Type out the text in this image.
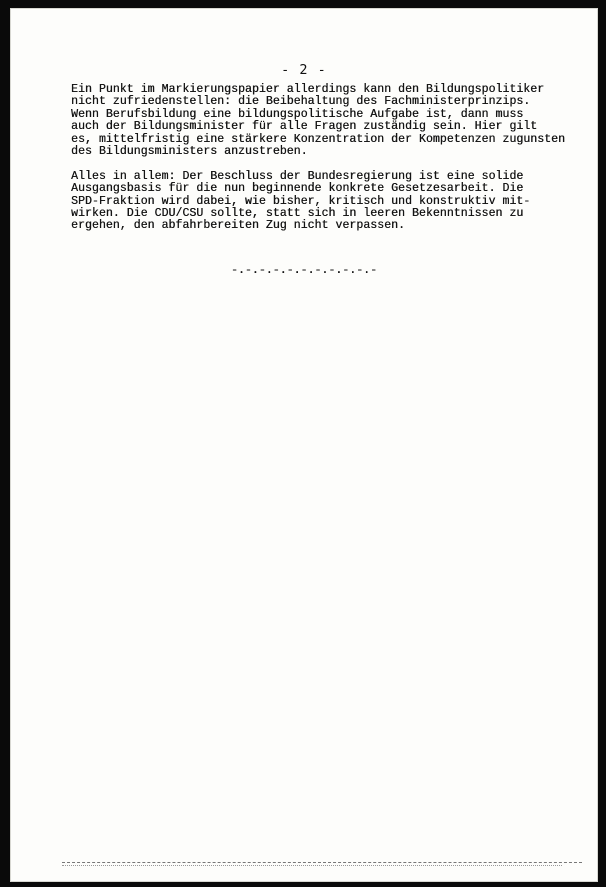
- 2 -
Ein Punkt im Markierungspapier allerdings kann den Bildungspolitiker
nicht zufriedenstellen: die Beibehaltung des Fachministerprinzips.
Wenn Berufsbildung eine bildungspolitische Aufgabe ist, dann muss
auch der Bildungsminister für alle Fragen zuständig sein. Hier gilt
es, mittelfristig eine stärkere Konzentration der Kompetenzen zugunsten
des Bildungsministers anzustreben.
Alles in allem: Der Beschluss der Bundesregierung ist eine solide
Ausgangsbasis für die nun beginnende konkrete Gesetzesarbeit. Die
SPD-Fraktion wird dabei, wie bisher, kritisch und konstruktiv mit-
wirken. Die CDU/CSU sollte, statt sich in leeren Bekenntnissen zu
ergehen, den abfahrbereiten Zug nicht verpassen.
-.-.-.-.-.-.-.-.-.-.-
